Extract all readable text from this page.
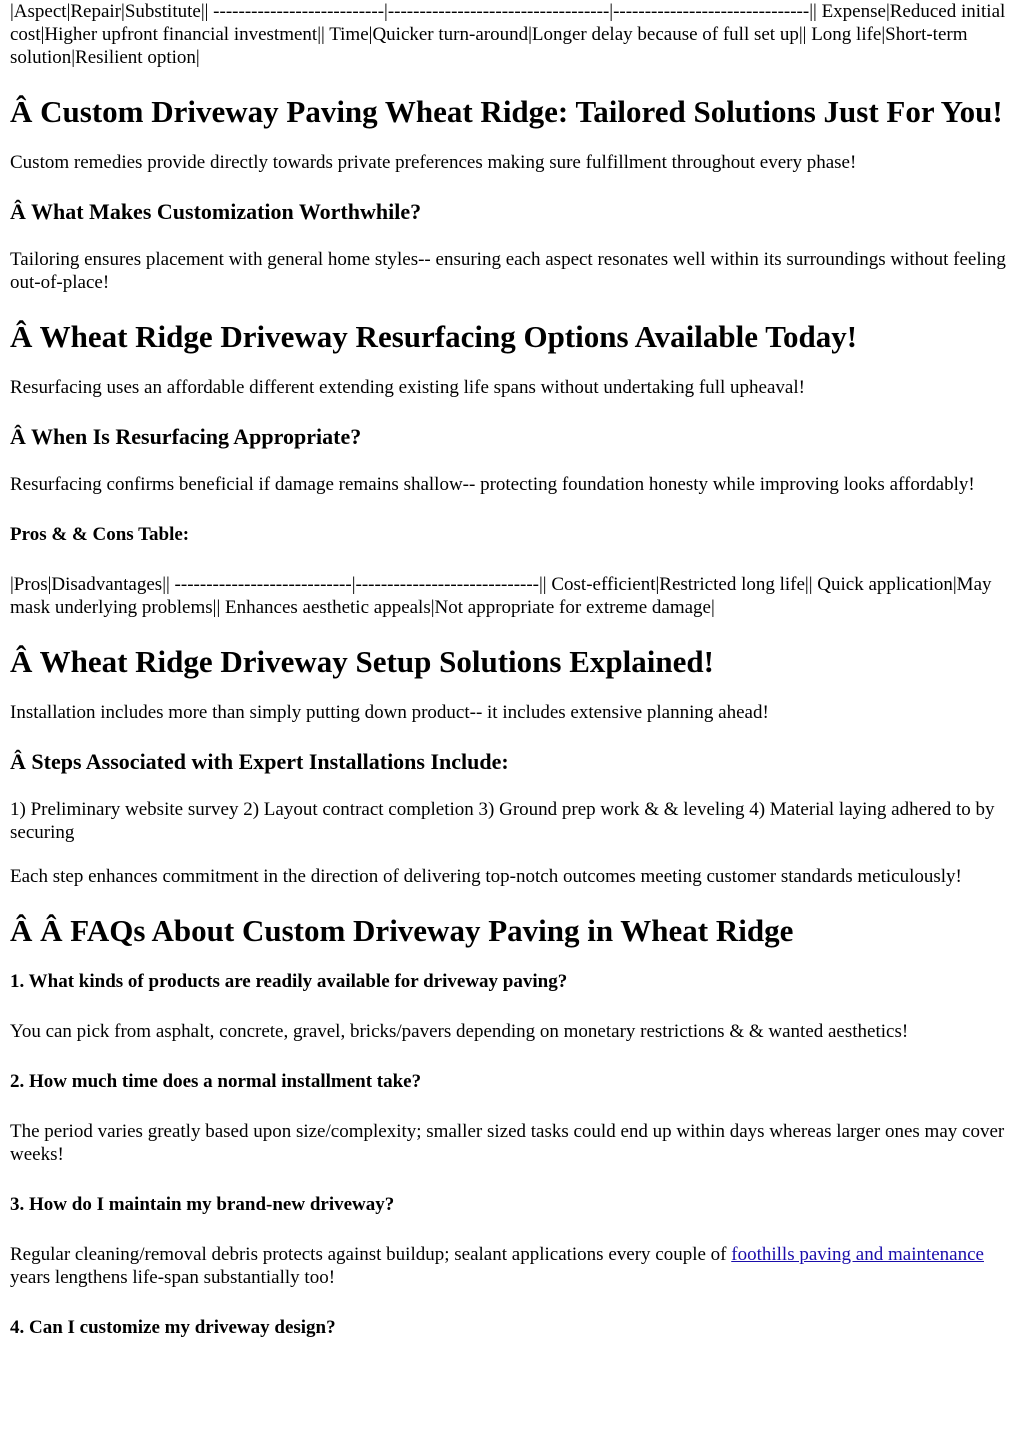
|Aspect|Repair|Substitute|| ---------------------------|-----------------------------------|-------------------------------|| Expense|Reduced initial cost|Higher upfront financial investment|| Time|Quicker turn-around|Longer delay because of full set up|| Long life|Short-term solution|Resilient option|

Â Custom Driveway Paving Wheat Ridge: Tailored Solutions Just For You!

Custom remedies provide directly towards private preferences making sure fulfillment throughout every phase!

Â What Makes Customization Worthwhile?

Tailoring ensures placement with general home styles-- ensuring each aspect resonates well within its surroundings without feeling out-of-place!

Â Wheat Ridge Driveway Resurfacing Options Available Today!

Resurfacing uses an affordable different extending existing life spans without undertaking full upheaval!

Â When Is Resurfacing Appropriate?

Resurfacing confirms beneficial if damage remains shallow-- protecting foundation honesty while improving looks affordably!

Pros & & Cons Table:

|Pros|Disadvantages|| ----------------------------|-----------------------------|| Cost-efficient|Restricted long life|| Quick application|May mask underlying problems|| Enhances aesthetic appeals|Not appropriate for extreme damage|

Â Wheat Ridge Driveway Setup Solutions Explained!

Installation includes more than simply putting down product-- it includes extensive planning ahead!

Â Steps Associated with Expert Installations Include:

1) Preliminary website survey 2) Layout contract completion 3) Ground prep work & & leveling 4) Material laying adhered to by securing

Each step enhances commitment in the direction of delivering top-notch outcomes meeting customer standards meticulously!

Â Â FAQs About Custom Driveway Paving in Wheat Ridge
1. What kinds of products are readily available for driveway paving?

You can pick from asphalt, concrete, gravel, bricks/pavers depending on monetary restrictions & & wanted aesthetics!

2. How much time does a normal installment take?

The period varies greatly based upon size/complexity; smaller sized tasks could end up within days whereas larger ones may cover weeks!

3. How do I maintain my brand-new driveway?

Regular cleaning/removal debris protects against buildup; sealant applications every couple of foothills paving and maintenance years lengthens life-span substantially too!

4. Can I customize my driveway design?
